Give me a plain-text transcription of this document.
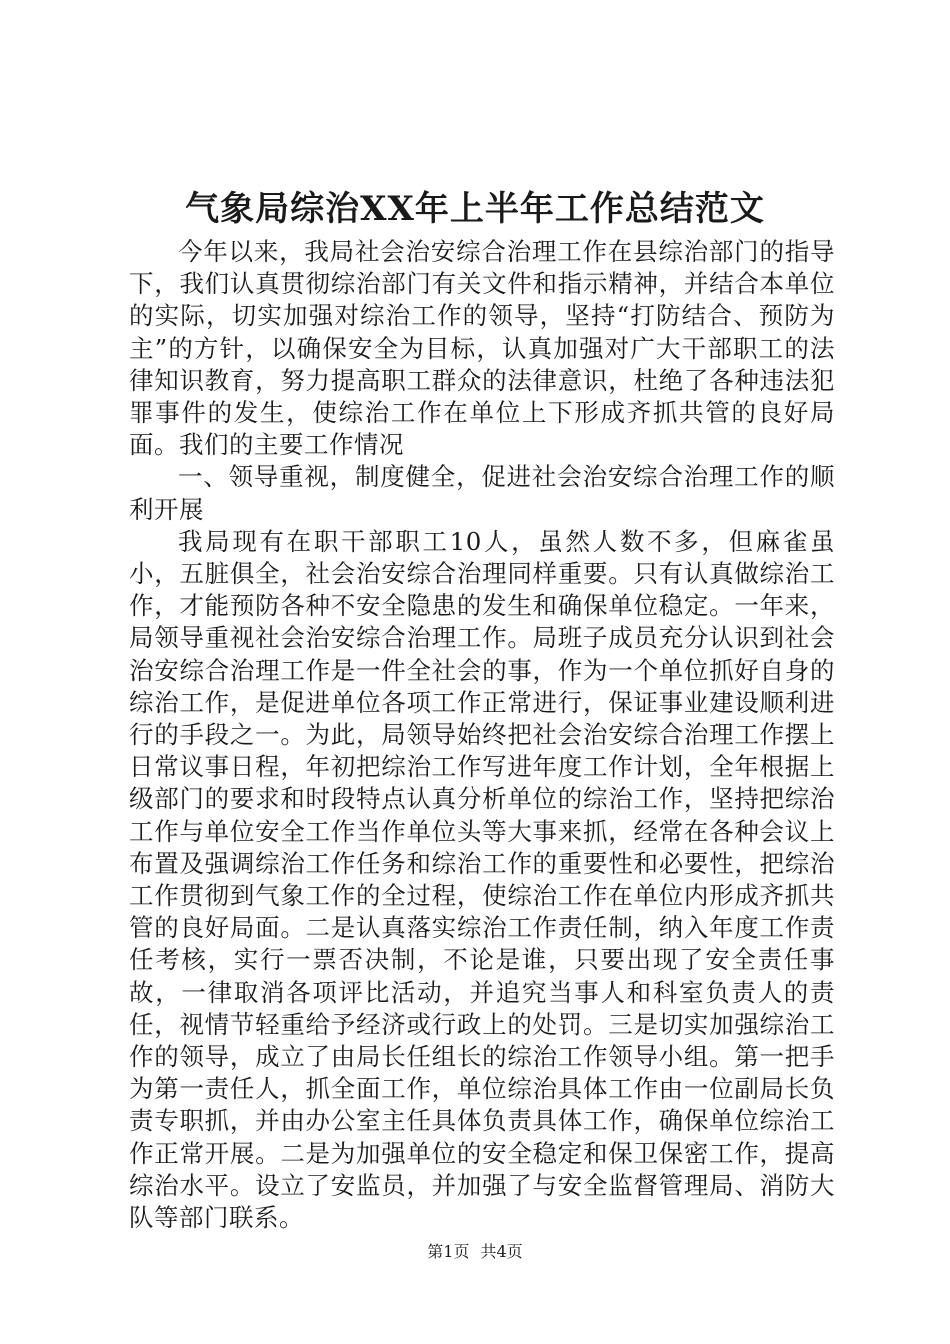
气象局综治XX年上半年工作总结范文

今年以来，我局社会治安综合治理工作在县综治部门的指导下，我们认真贯彻综治部门有关文件和指示精神，并结合本单位的实际，切实加强对综治工作的领导，坚持“打防结合、预防为主”的方针，以确保安全为目标，认真加强对广大干部职工的法律知识教育，努力提高职工群众的法律意识，杜绝了各种违法犯罪事件的发生，使综治工作在单位上下形成齐抓共管的良好局面。我们的主要工作情况

一、领导重视，制度健全，促进社会治安综合治理工作的顺利开展

我局现有在职干部职工10人，虽然人数不多，但麻雀虽小，五脏俱全，社会治安综合治理同样重要。只有认真做综治工作，才能预防各种不安全隐患的发生和确保单位稳定。一年来，局领导重视社会治安综合治理工作。局班子成员充分认识到社会治安综合治理工作是一件全社会的事，作为一个单位抓好自身的综治工作，是促进单位各项工作正常进行，保证事业建设顺利进行的手段之一。为此，局领导始终把社会治安综合治理工作摆上日常议事日程，年初把综治工作写进年度工作计划，全年根据上级部门的要求和时段特点认真分析单位的综治工作，坚持把综治工作与单位安全工作当作单位头等大事来抓，经常在各种会议上布置及强调综治工作任务和综治工作的重要性和必要性，把综治工作贯彻到气象工作的全过程，使综治工作在单位内形成齐抓共管的良好局面。二是认真落实综治工作责任制，纳入年度工作责任考核，实行一票否决制，不论是谁，只要出现了安全责任事故，一律取消各项评比活动，并追究当事人和科室负责人的责任，视情节轻重给予经济或行政上的处罚。三是切实加强综治工作的领导，成立了由局长任组长的综治工作领导小组。第一把手为第一责任人，抓全面工作，单位综治具体工作由一位副局长负责专职抓，并由办公室主任具体负责具体工作，确保单位综治工作正常开展。二是为加强单位的安全稳定和保卫保密工作，提高综治水平。设立了安监员，并加强了与安全监督管理局、消防大队等部门联系。

第1页 共4页
